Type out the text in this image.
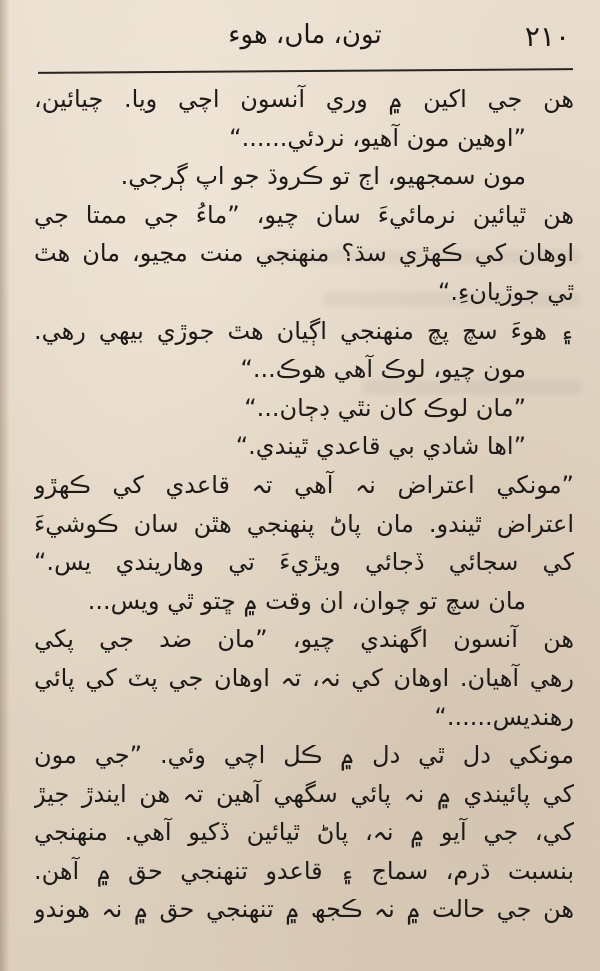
٢١٠
تون، ماں، ھوء
ھن جي اکين ۾ وري آنسون اچي ويا. چيائين،
”اوھين مون آھيو، نردئي......“
مون سمجھيو، اڄ تو ڪروڌ جو اپ ڳرجي.
ھن ٿيائين نرمائيءَ سان چيو، ”ماءُ جي ممتا جي
اوھان کي ڪھڙي سڌ؟ منھنجي منت مڃيو، مان ھٿ
ٿي جوڙيانءِ.“
۽ ھوءَ سچ پچ منھنجي اڳيان ھٿ جوڙي بيھي رھي.
مون چيو، لوڪ آھي ھوڪ...“
”مان لوڪ کان نٿي ڊڄان...“
”اھا شادي بي قاعدي ٿيندي.“
”مونکي اعتراض نہ آھي تہ قاعدي کي ڪھڙو
اعتراض ٿيندو. مان پاڻ پنھنجي ھٿن سان ڪوشيءَ
کي سجائي ڏجائي ويڙيءَ تي وھاريندي يس.“
مان سچ تو چوان، ان وقت ۾ ڇتو ٿي ويس...
ھن آنسون اگھندي چيو، ”مان ضد جي پکي
رھي آھيان. اوھان کي نہ، تہ اوھان جي پٽ کي پائي
رھنديس......“
مونکي دل ٿي دل ۾ ڪل اچي وئي. ”جي مون
کي پائيندي ۾ نہ پائي سگھي آھين تہ ھن ايندڙ جيڙ
کي، جي آيو ۾ نہ، پاڻ ٿيائين ڏکيو آھي. منھنجي
بنسبت ڌرم، سماج ۽ قاعدو تنھنجي حق ۾ آھن.
ھن جي حالت ۾ نہ ڪجھ ۾ تنھنجي حق ۾ نہ ھوندو
